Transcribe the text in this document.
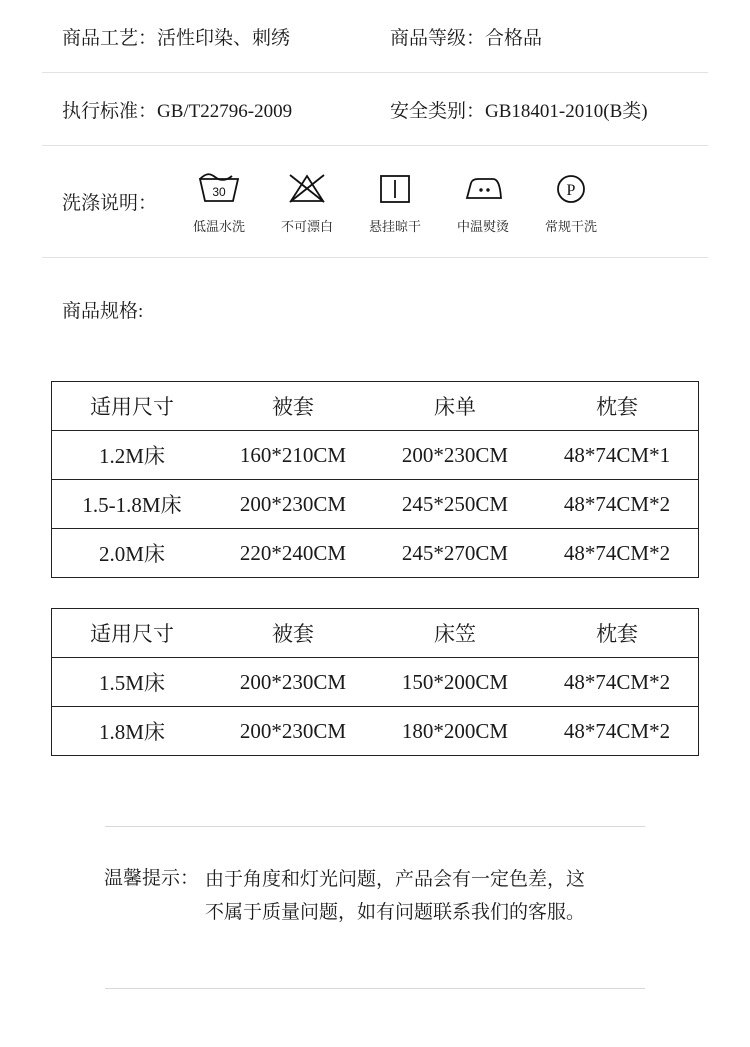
商品工艺： 活性印染、刺绣	商品等级： 合格品
执行标准： GB/T22796-2009	安全类别： GB18401-2010(B类)
洗涤说明：
30
低温水洗	不可漂白	悬挂晾干	中温熨烫
P
常规干洗
商品规格:
适用尺寸	被套	床单	枕套
1.2M床	160*210CM	200*230CM	48*74CM*1
1.5-1.8M床	200*230CM	245*250CM	48*74CM*2
2.0M床	220*240CM	245*270CM	48*74CM*2
适用尺寸	被套	床笠	枕套
1.5M床	200*230CM	150*200CM	48*74CM*2
1.8M床	200*230CM	180*200CM	48*74CM*2
温馨提示： 由于角度和灯光问题，产品会有一定色差，这
不属于质量问题，如有问题联系我们的客服。
